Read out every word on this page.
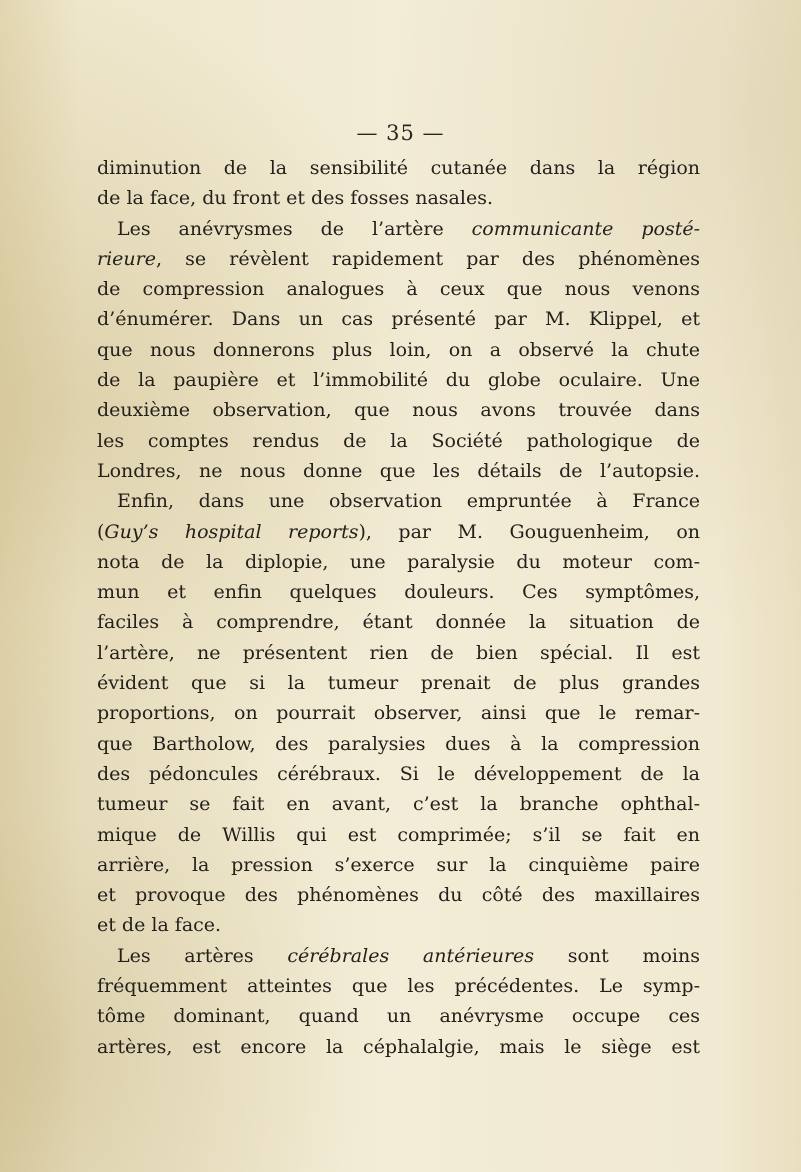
— 35 —
diminution de la sensibilité cutanée dans la région
de la face, du front et des fosses nasales.
Les anévrysmes de l’artère communicante posté-
rieure, se révèlent rapidement par des phénomènes
de compression analogues à ceux que nous venons
d’énumérer. Dans un cas présenté par M. Klippel, et
que nous donnerons plus loin, on a observé la chute
de la paupière et l’immobilité du globe oculaire. Une
deuxième observation, que nous avons trouvée dans
les comptes rendus de la Société pathologique de
Londres, ne nous donne que les détails de l’autopsie.
Enfin, dans une observation empruntée à France
(Guy’s hospital reports), par M. Gouguenheim, on
nota de la diplopie, une paralysie du moteur com-
mun et enfin quelques douleurs. Ces symptômes,
faciles à comprendre, étant donnée la situation de
l’artère, ne présentent rien de bien spécial. Il est
évident que si la tumeur prenait de plus grandes
proportions, on pourrait observer, ainsi que le remar-
que Bartholow, des paralysies dues à la compression
des pédoncules cérébraux. Si le développement de la
tumeur se fait en avant, c’est la branche ophthal-
mique de Willis qui est comprimée; s’il se fait en
arrière, la pression s’exerce sur la cinquième paire
et provoque des phénomènes du côté des maxillaires
et de la face.
Les artères cérébrales antérieures sont moins
fréquemment atteintes que les précédentes. Le symp-
tôme dominant, quand un anévrysme occupe ces
artères, est encore la céphalalgie, mais le siège est
